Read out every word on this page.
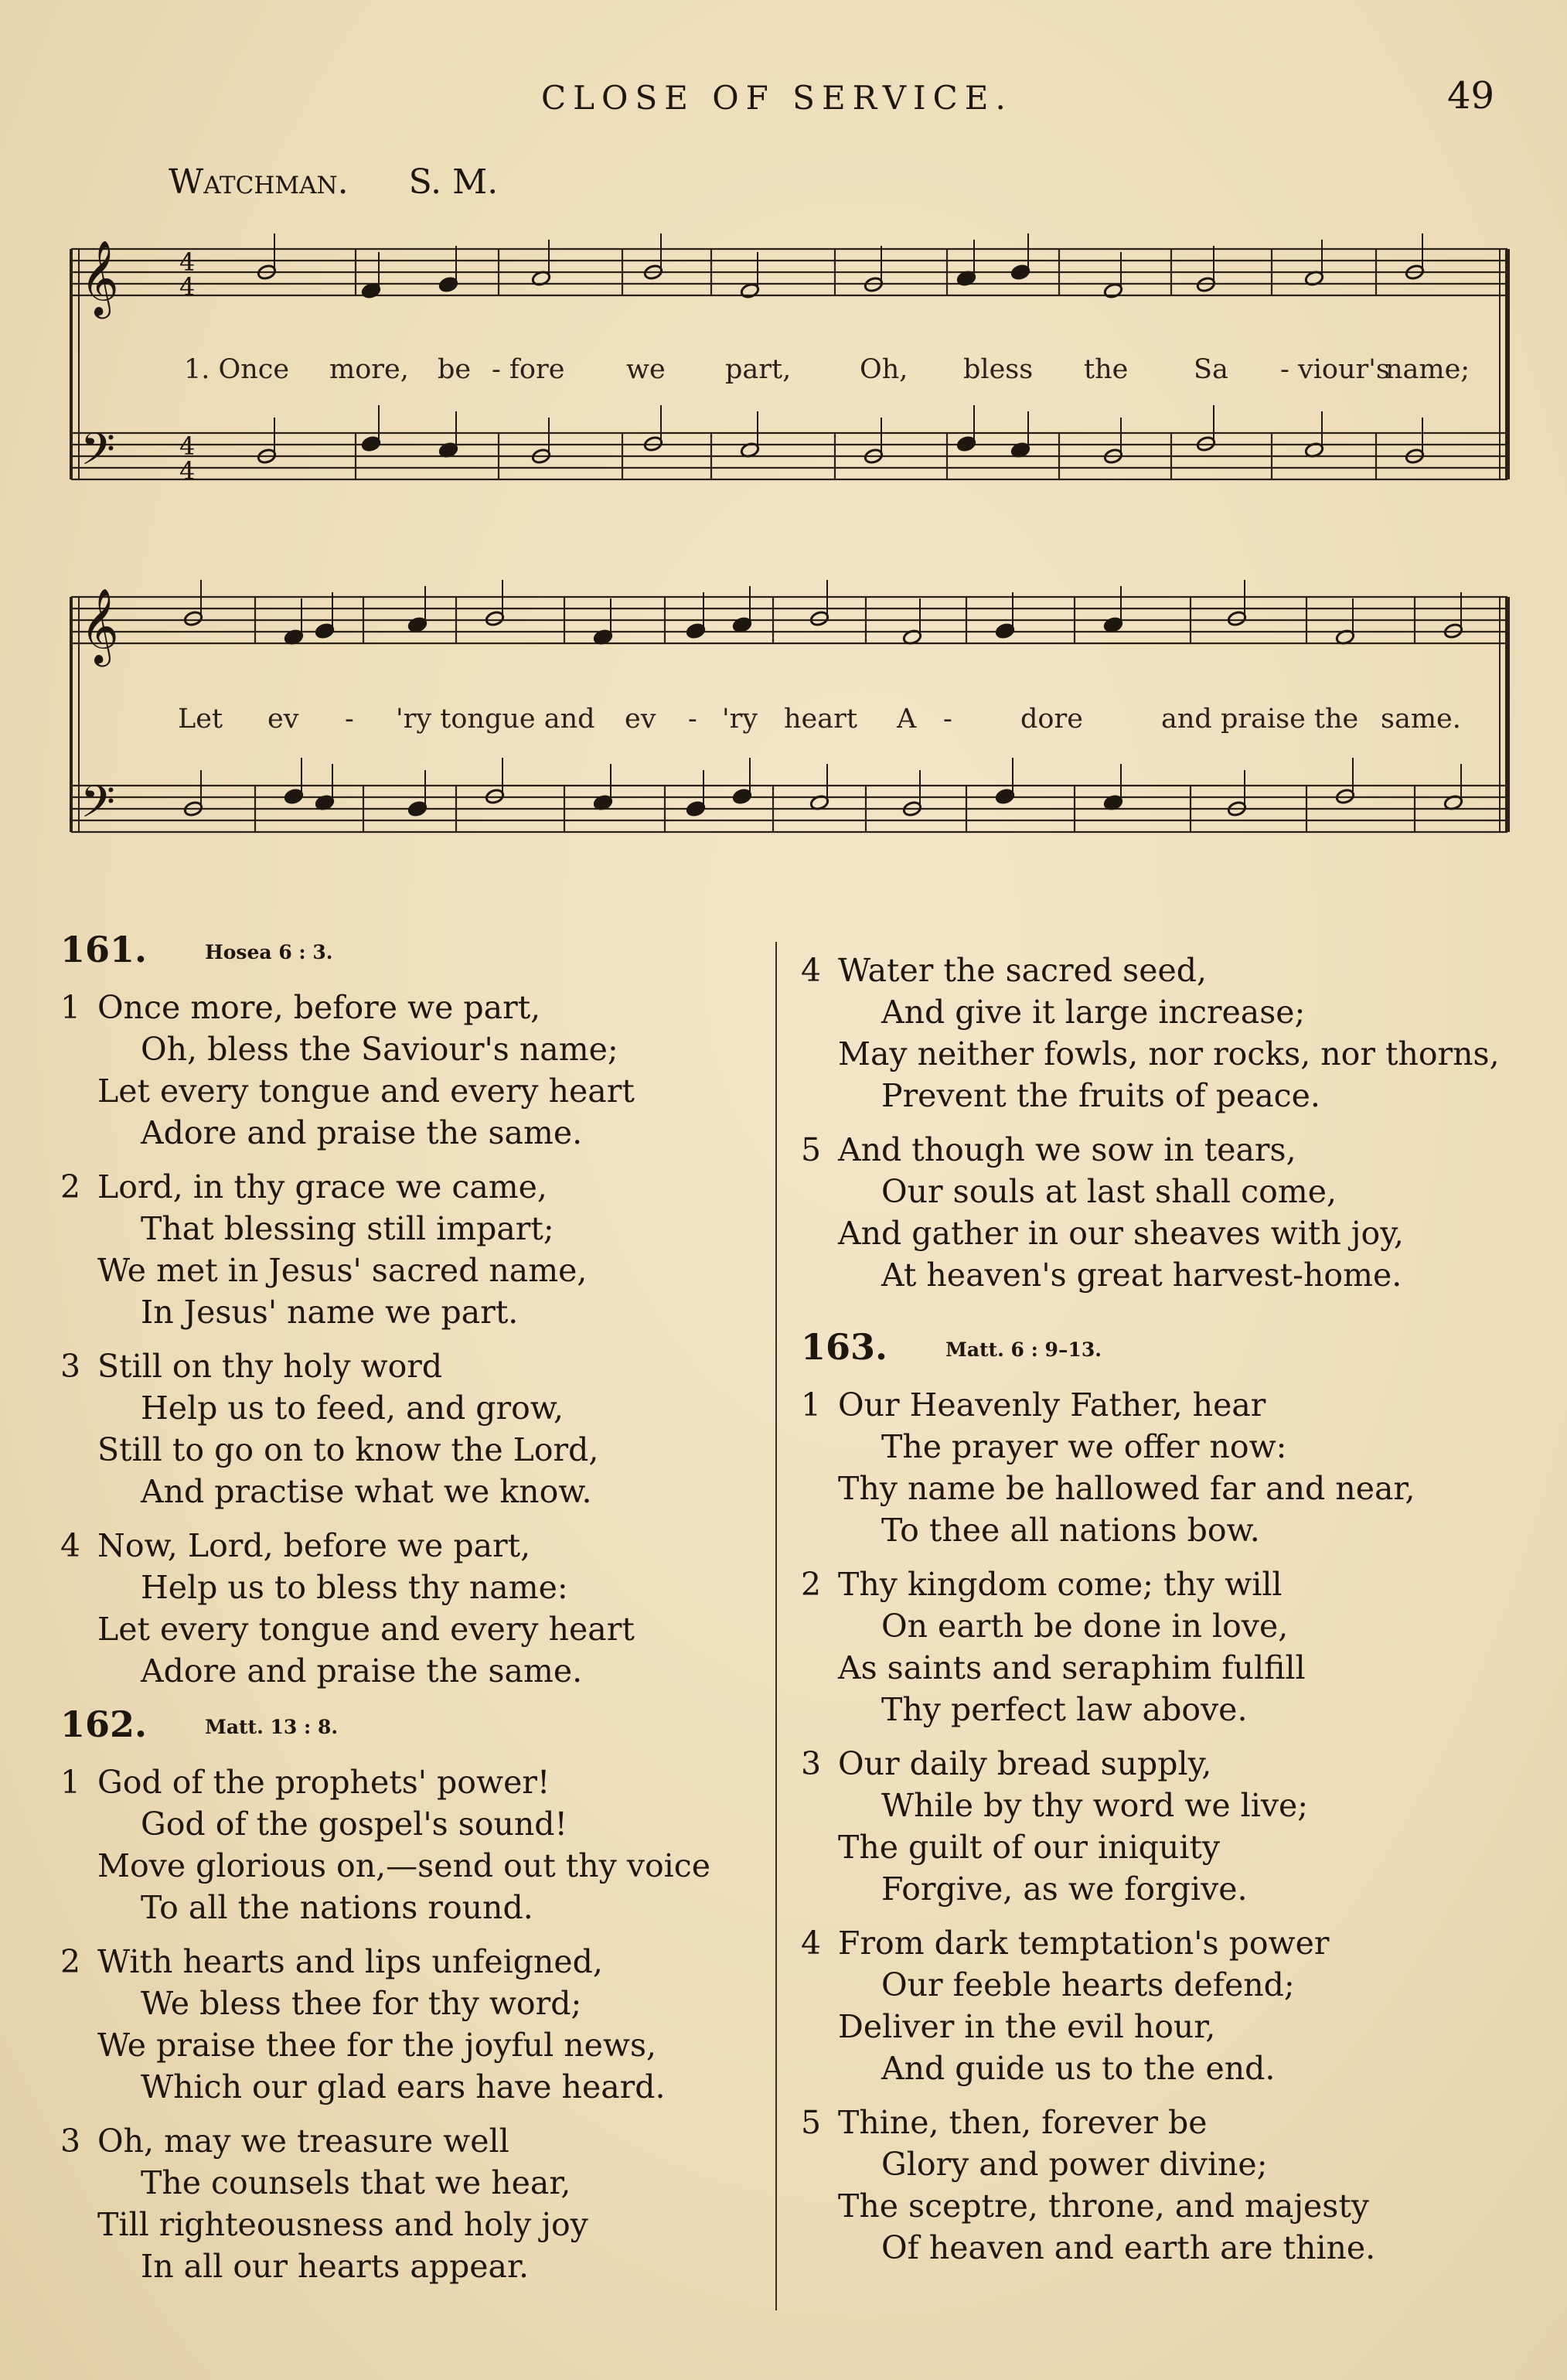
CLOSE OF SERVICE.	49
Watchman. S. M.
𝄞
𝄢
𝄞
𝄢
4
4
4
4
1. Once more, be - fore we part,	Oh, bless the Sa - viour's
name;
Let ev - 'ry tongue and ev - 'ry heart A -	dore	and praise the same.
161.	Hosea 6 : 3.
1 Once more, before we part,
Oh, bless the Saviour's name;
Let every tongue and every heart
Adore and praise the same.
2 Lord, in thy grace we came,
That blessing still impart;
We met in Jesus' sacred name,
In Jesus' name we part.
3 Still on thy holy word
Help us to feed, and grow,
Still to go on to know the Lord,
And practise what we know.
4 Now, Lord, before we part,
Help us to bless thy name:
Let every tongue and every heart
Adore and praise the same.
162.	Matt. 13 : 8.
1 God of the prophets' power!
God of the gospel's sound!
Move glorious on,—send out thy voice
To all the nations round.
2 With hearts and lips unfeigned,
We bless thee for thy word;
We praise thee for the joyful news,
Which our glad ears have heard.
3 Oh, may we treasure well
The counsels that we hear,
Till righteousness and holy joy
In all our hearts appear.
4 Water the sacred seed,
And give it large increase;
May neither fowls, nor rocks, nor thorns,
Prevent the fruits of peace.
5 And though we sow in tears,
Our souls at last shall come,
And gather in our sheaves with joy,
At heaven's great harvest-home.
163.	Matt. 6 : 9–13.
1 Our Heavenly Father, hear
The prayer we offer now:
Thy name be hallowed far and near,
To thee all nations bow.
2 Thy kingdom come; thy will
On earth be done in love,
As saints and seraphim fulfill
Thy perfect law above.
3 Our daily bread supply,
While by thy word we live;
The guilt of our iniquity
Forgive, as we forgive.
4 From dark temptation's power
Our feeble hearts defend;
Deliver in the evil hour,
And guide us to the end.
5 Thine, then, forever be
Glory and power divine;
The sceptre, throne, and majesty
Of heaven and earth are thine.
